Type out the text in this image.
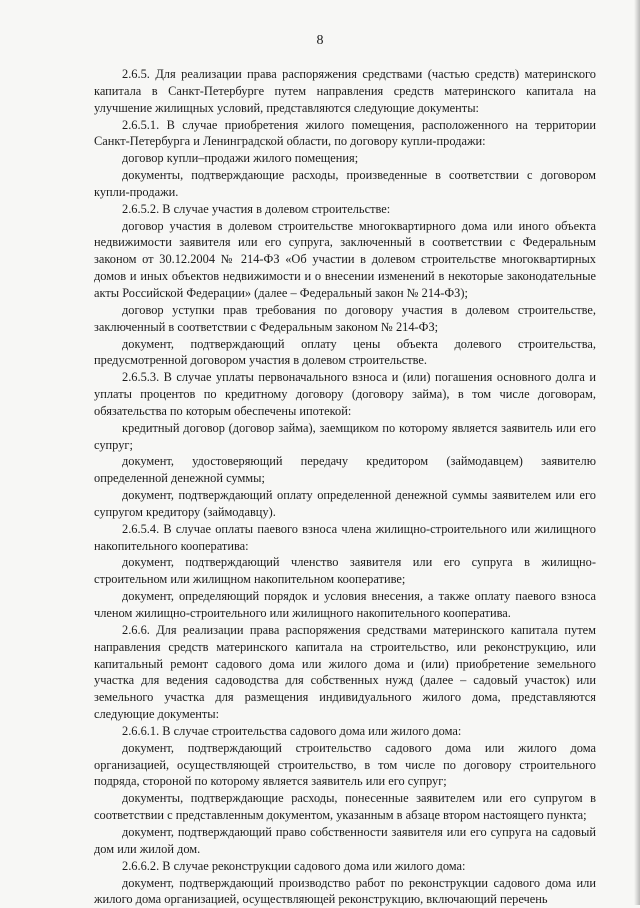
8

2.6.5. Для реализации права распоряжения средствами (частью средств) материнского капитала в Санкт-Петербурге путем направления средств материнского капитала на улучшение жилищных условий, представляются следующие документы:

2.6.5.1. В случае приобретения жилого помещения, расположенного на территории Санкт-Петербурга и Ленинградской области, по договору купли-продажи:

договор купли–продажи жилого помещения;

документы, подтверждающие расходы, произведенные в соответствии с договором купли-продажи.

2.6.5.2. В случае участия в долевом строительстве:

договор участия в долевом строительстве многоквартирного дома или иного объекта недвижимости заявителя или его супруга, заключенный в соответствии с Федеральным законом от 30.12.2004 № 214-ФЗ «Об участии в долевом строительстве многоквартирных домов и иных объектов недвижимости и о внесении изменений в некоторые законодательные акты Российской Федерации» (далее – Федеральный закон № 214-ФЗ);

договор уступки прав требования по договору участия в долевом строительстве, заключенный в соответствии с Федеральным законом № 214-ФЗ;

документ, подтверждающий оплату цены объекта долевого строительства, предусмотренной договором участия в долевом строительстве.

2.6.5.3. В случае уплаты первоначального взноса и (или) погашения основного долга и уплаты процентов по кредитному договору (договору займа), в том числе договорам, обязательства по которым обеспечены ипотекой:

кредитный договор (договор займа), заемщиком по которому является заявитель или его супруг;

документ, удостоверяющий передачу кредитором (займодавцем) заявителю определенной денежной суммы;

документ, подтверждающий оплату определенной денежной суммы заявителем или его супругом кредитору (займодавцу).

2.6.5.4. В случае оплаты паевого взноса члена жилищно-строительного или жилищного накопительного кооператива:

документ, подтверждающий членство заявителя или его супруга в жилищно-строительном или жилищном накопительном кооперативе;

документ, определяющий порядок и условия внесения, а также оплату паевого взноса членом жилищно-строительного или жилищного накопительного кооператива.

2.6.6. Для реализации права распоряжения средствами материнского капитала путем направления средств материнского капитала на строительство, или реконструкцию, или капитальный ремонт садового дома или жилого дома и (или) приобретение земельного участка для ведения садоводства для собственных нужд (далее – садовый участок) или земельного участка для размещения индивидуального жилого дома, представляются следующие документы:

2.6.6.1. В случае строительства садового дома или жилого дома:

документ, подтверждающий строительство садового дома или жилого дома организацией, осуществляющей строительство, в том числе по договору строительного подряда, стороной по которому является заявитель или его супруг;

документы, подтверждающие расходы, понесенные заявителем или его супругом в соответствии с представленным документом, указанным в абзаце втором настоящего пункта;

документ, подтверждающий право собственности заявителя или его супруга на садовый дом или жилой дом.

2.6.6.2. В случае реконструкции садового дома или жилого дома:

документ, подтверждающий производство работ по реконструкции садового дома или жилого дома организацией, осуществляющей реконструкцию, включающий перечень
